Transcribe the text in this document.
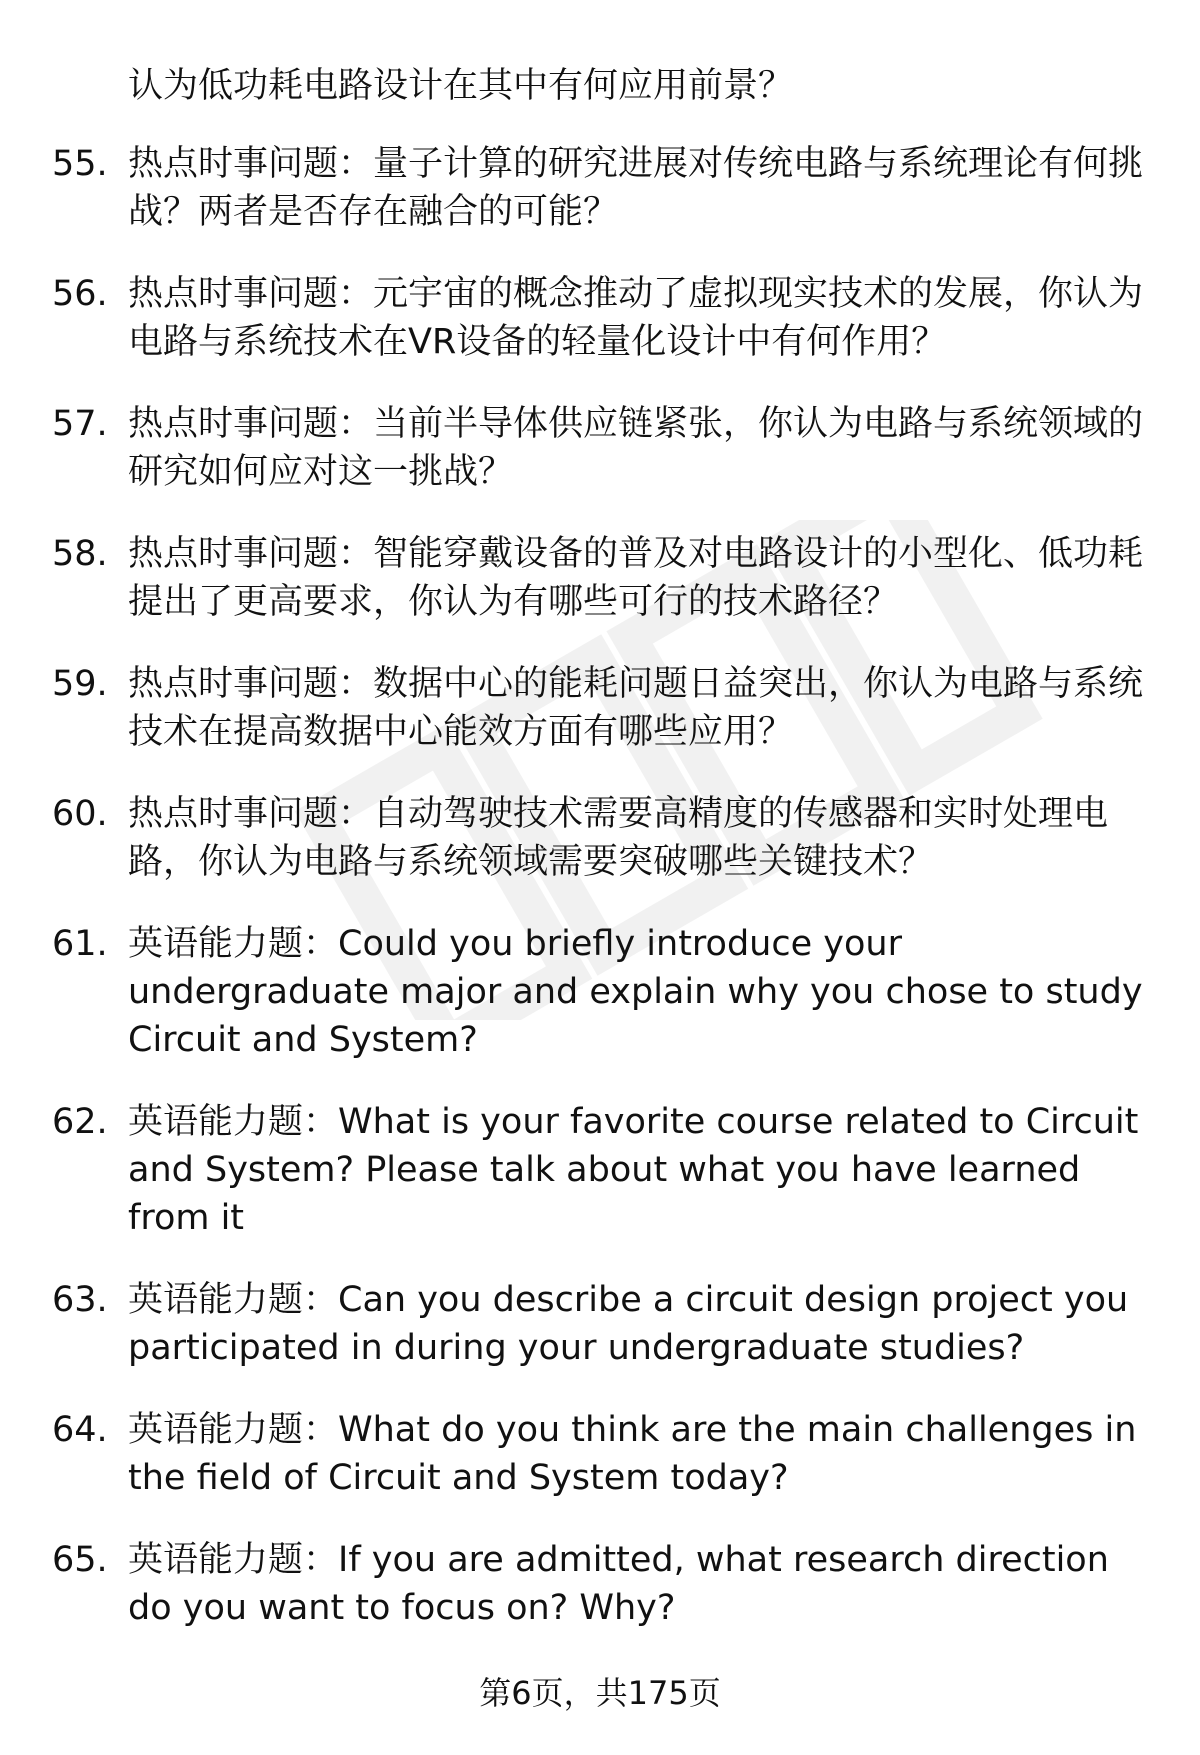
认为低功耗电路设计在其中有何应用前景？
55. 热点时事问题：量子计算的研究进展对传统电路与系统理论有何挑战？两者是否存在融合的可能？
56. 热点时事问题：元宇宙的概念推动了虚拟现实技术的发展，你认为电路与系统技术在VR设备的轻量化设计中有何作用？
57. 热点时事问题：当前半导体供应链紧张，你认为电路与系统领域的研究如何应对这一挑战？
58. 热点时事问题：智能穿戴设备的普及对电路设计的小型化、低功耗提出了更高要求，你认为有哪些可行的技术路径？
59. 热点时事问题：数据中心的能耗问题日益突出，你认为电路与系统技术在提高数据中心能效方面有哪些应用？
60. 热点时事问题：自动驾驶技术需要高精度的传感器和实时处理电路，你认为电路与系统领域需要突破哪些关键技术？
61. 英语能力题：Could you briefly introduce your undergraduate major and explain why you chose to study Circuit and System?
62. 英语能力题：What is your favorite course related to Circuit and System? Please talk about what you have learned from it
63. 英语能力题：Can you describe a circuit design project you participated in during your undergraduate studies?
64. 英语能力题：What do you think are the main challenges in the field of Circuit and System today?
65. 英语能力题：If you are admitted, what research direction do you want to focus on? Why?
第6页，共175页
